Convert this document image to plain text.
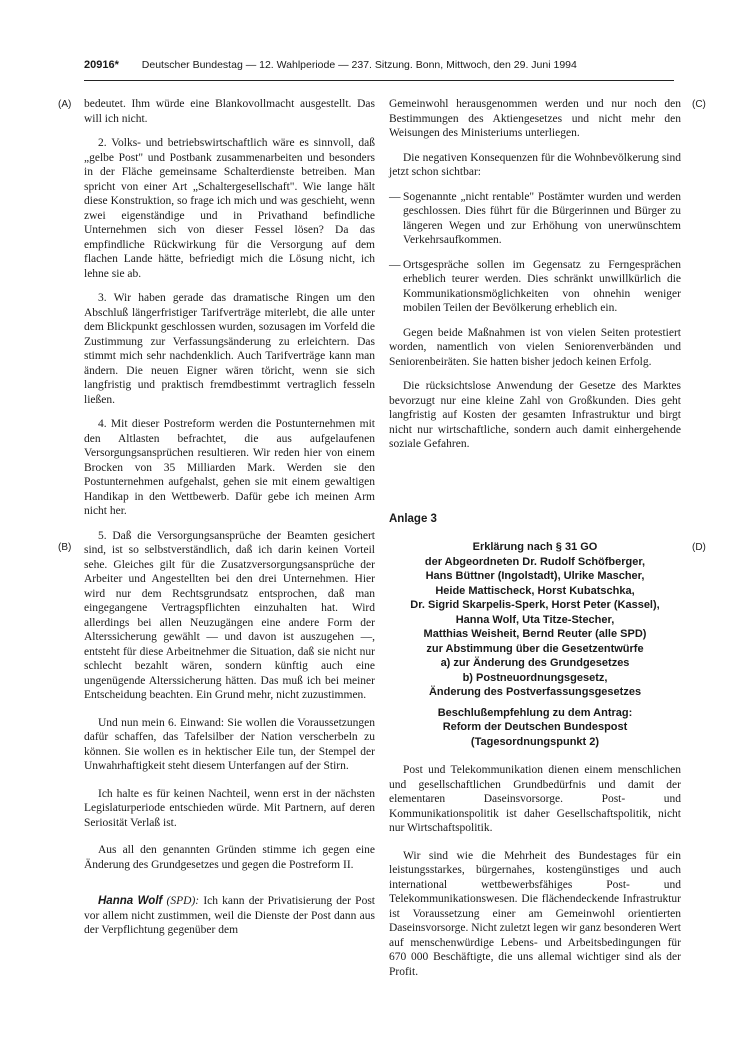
20916* Deutscher Bundestag — 12. Wahlperiode — 237. Sitzung. Bonn, Mittwoch, den 29. Juni 1994
(A)	(C)
(B)	(D)

bedeutet. Ihm würde eine Blankovollmacht ausgestellt. Das will ich nicht.

2. Volks- und betriebswirtschaftlich wäre es sinnvoll, daß „gelbe Post" und Postbank zusammenarbeiten und besonders in der Fläche gemeinsame Schalterdienste betreiben. Man spricht von einer Art „Schaltergesellschaft". Wie lange hält diese Konstruktion, so frage ich mich und was geschieht, wenn zwei eigenständige und in Privathand befindliche Unternehmen sich von dieser Fessel lösen? Da das empfindliche Rückwirkung für die Versorgung auf dem flachen Lande hätte, befriedigt mich die Lösung nicht, ich lehne sie ab.

3. Wir haben gerade das dramatische Ringen um den Abschluß längerfristiger Tarifverträge miterlebt, die alle unter dem Blickpunkt geschlossen wurden, sozusagen im Vorfeld die Zustimmung zur Verfassungsänderung zu erleichtern. Das stimmt mich sehr nachdenklich. Auch Tarifverträge kann man ändern. Die neuen Eigner wären töricht, wenn sie sich langfristig und praktisch fremdbestimmt vertraglich fesseln ließen.

4. Mit dieser Postreform werden die Postunternehmen mit den Altlasten befrachtet, die aus aufgelaufenen Versorgungsansprüchen resultieren. Wir reden hier von einem Brocken von 35 Milliarden Mark. Werden sie den Postunternehmen aufgehalst, gehen sie mit einem gewaltigen Handikap in den Wettbewerb. Dafür gebe ich meinen Arm nicht her.

5. Daß die Versorgungsansprüche der Beamten gesichert sind, ist so selbstverständlich, daß ich darin keinen Vorteil sehe. Gleiches gilt für die Zusatzversorgungsansprüche der Arbeiter und Angestellten bei den drei Unternehmen. Hier wird nur dem Rechtsgrundsatz entsprochen, daß man eingegangene Vertragspflichten einzuhalten hat. Wird allerdings bei allen Neuzugängen eine andere Form der Alterssicherung gewählt — und davon ist auszugehen —, entsteht für diese Arbeitnehmer die Situation, daß sie nicht nur schlecht bezahlt wären, sondern künftig auch eine ungenügende Alterssicherung hätten. Das muß ich bei meiner Entscheidung beachten. Ein Grund mehr, nicht zuzustimmen.

Und nun mein 6. Einwand: Sie wollen die Voraussetzungen dafür schaffen, das Tafelsilber der Nation verscherbeln zu können. Sie wollen es in hektischer Eile tun, der Stempel der Unwahrhaftigkeit steht diesem Unterfangen auf der Stirn.

Ich halte es für keinen Nachteil, wenn erst in der nächsten Legislaturperiode entschieden würde. Mit Partnern, auf deren Seriosität Verlaß ist.

Aus all den genannten Gründen stimme ich gegen eine Änderung des Grundgesetzes und gegen die Postreform II.

Hanna Wolf (SPD): Ich kann der Privatisierung der Post vor allem nicht zustimmen, weil die Dienste der Post dann aus der Verpflichtung gegenüber dem

Gemeinwohl herausgenommen werden und nur noch den Bestimmungen des Aktiengesetzes und nicht mehr den Weisungen des Ministeriums unterliegen.

Die negativen Konsequenzen für die Wohnbevölkerung sind jetzt schon sichtbar:

— Sogenannte „nicht rentable" Postämter wurden und werden geschlossen. Dies führt für die Bürgerinnen und Bürger zu längeren Wegen und zur Erhöhung von unerwünschtem Verkehrsaufkommen.

— Ortsgespräche sollen im Gegensatz zu Ferngesprächen erheblich teurer werden. Dies schränkt unwillkürlich die Kommunikationsmöglichkeiten von ohnehin weniger mobilen Teilen der Bevölkerung erheblich ein.

Gegen beide Maßnahmen ist von vielen Seiten protestiert worden, namentlich von vielen Seniorenverbänden und Seniorenbeiräten. Sie hatten bisher jedoch keinen Erfolg.

Die rücksichtslose Anwendung der Gesetze des Marktes bevorzugt nur eine kleine Zahl von Großkunden. Dies geht langfristig auf Kosten der gesamten Infrastruktur und birgt nicht nur wirtschaftliche, sondern auch damit einhergehende soziale Gefahren.

Anlage 3

Erklärung nach § 31 GO
der Abgeordneten Dr. Rudolf Schöfberger,
Hans Büttner (Ingolstadt), Ulrike Mascher,
Heide Mattischeck, Horst Kubatschka,
Dr. Sigrid Skarpelis-Sperk, Horst Peter (Kassel),
Hanna Wolf, Uta Titze-Stecher,
Matthias Weisheit, Bernd Reuter (alle SPD)
zur Abstimmung über die Gesetzentwürfe
a) zur Änderung des Grundgesetzes
b) Postneuordnungsgesetz,
Änderung des Postverfassungsgesetzes
Beschlußempfehlung zu dem Antrag:
Reform der Deutschen Bundespost
(Tagesordnungspunkt 2)

Post und Telekommunikation dienen einem menschlichen und gesellschaftlichen Grundbedürfnis und damit der elementaren Daseinsvorsorge. Post- und Kommunikationspolitik ist daher Gesellschaftspolitik, nicht nur Wirtschaftspolitik.

Wir sind wie die Mehrheit des Bundestages für ein leistungsstarkes, bürgernahes, kostengünstiges und auch international wettbewerbsfähiges Post- und Telekommunikationswesen. Die flächendeckende Infrastruktur ist Voraussetzung einer am Gemeinwohl orientierten Daseinsvorsorge. Nicht zuletzt legen wir ganz besonderen Wert auf menschenwürdige Lebens- und Arbeitsbedingungen für 670 000 Beschäftigte, die uns allemal wichtiger sind als der Profit.
